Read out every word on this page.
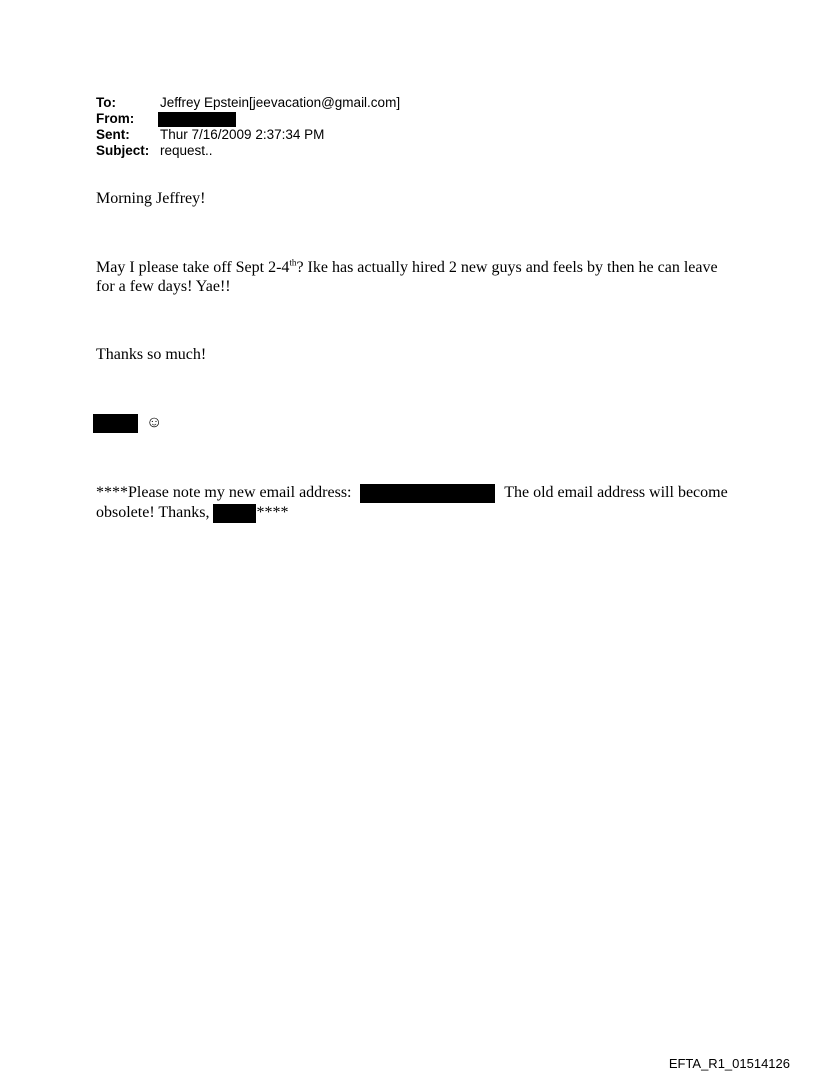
To:	Jeffrey Epstein[jeevacation@gmail.com]
From:
Sent:	Thur 7/16/2009 2:37:34 PM
Subject: request..
Morning Jeffrey!
May I please take off Sept 2-4th? Ike has actually hired 2 new guys and feels by then he can leave for a few days! Yae!!
Thanks so much!
☺
****Please note my new email address:	The old email address will become obsolete! Thanks,	****
EFTA_R1_01514126
